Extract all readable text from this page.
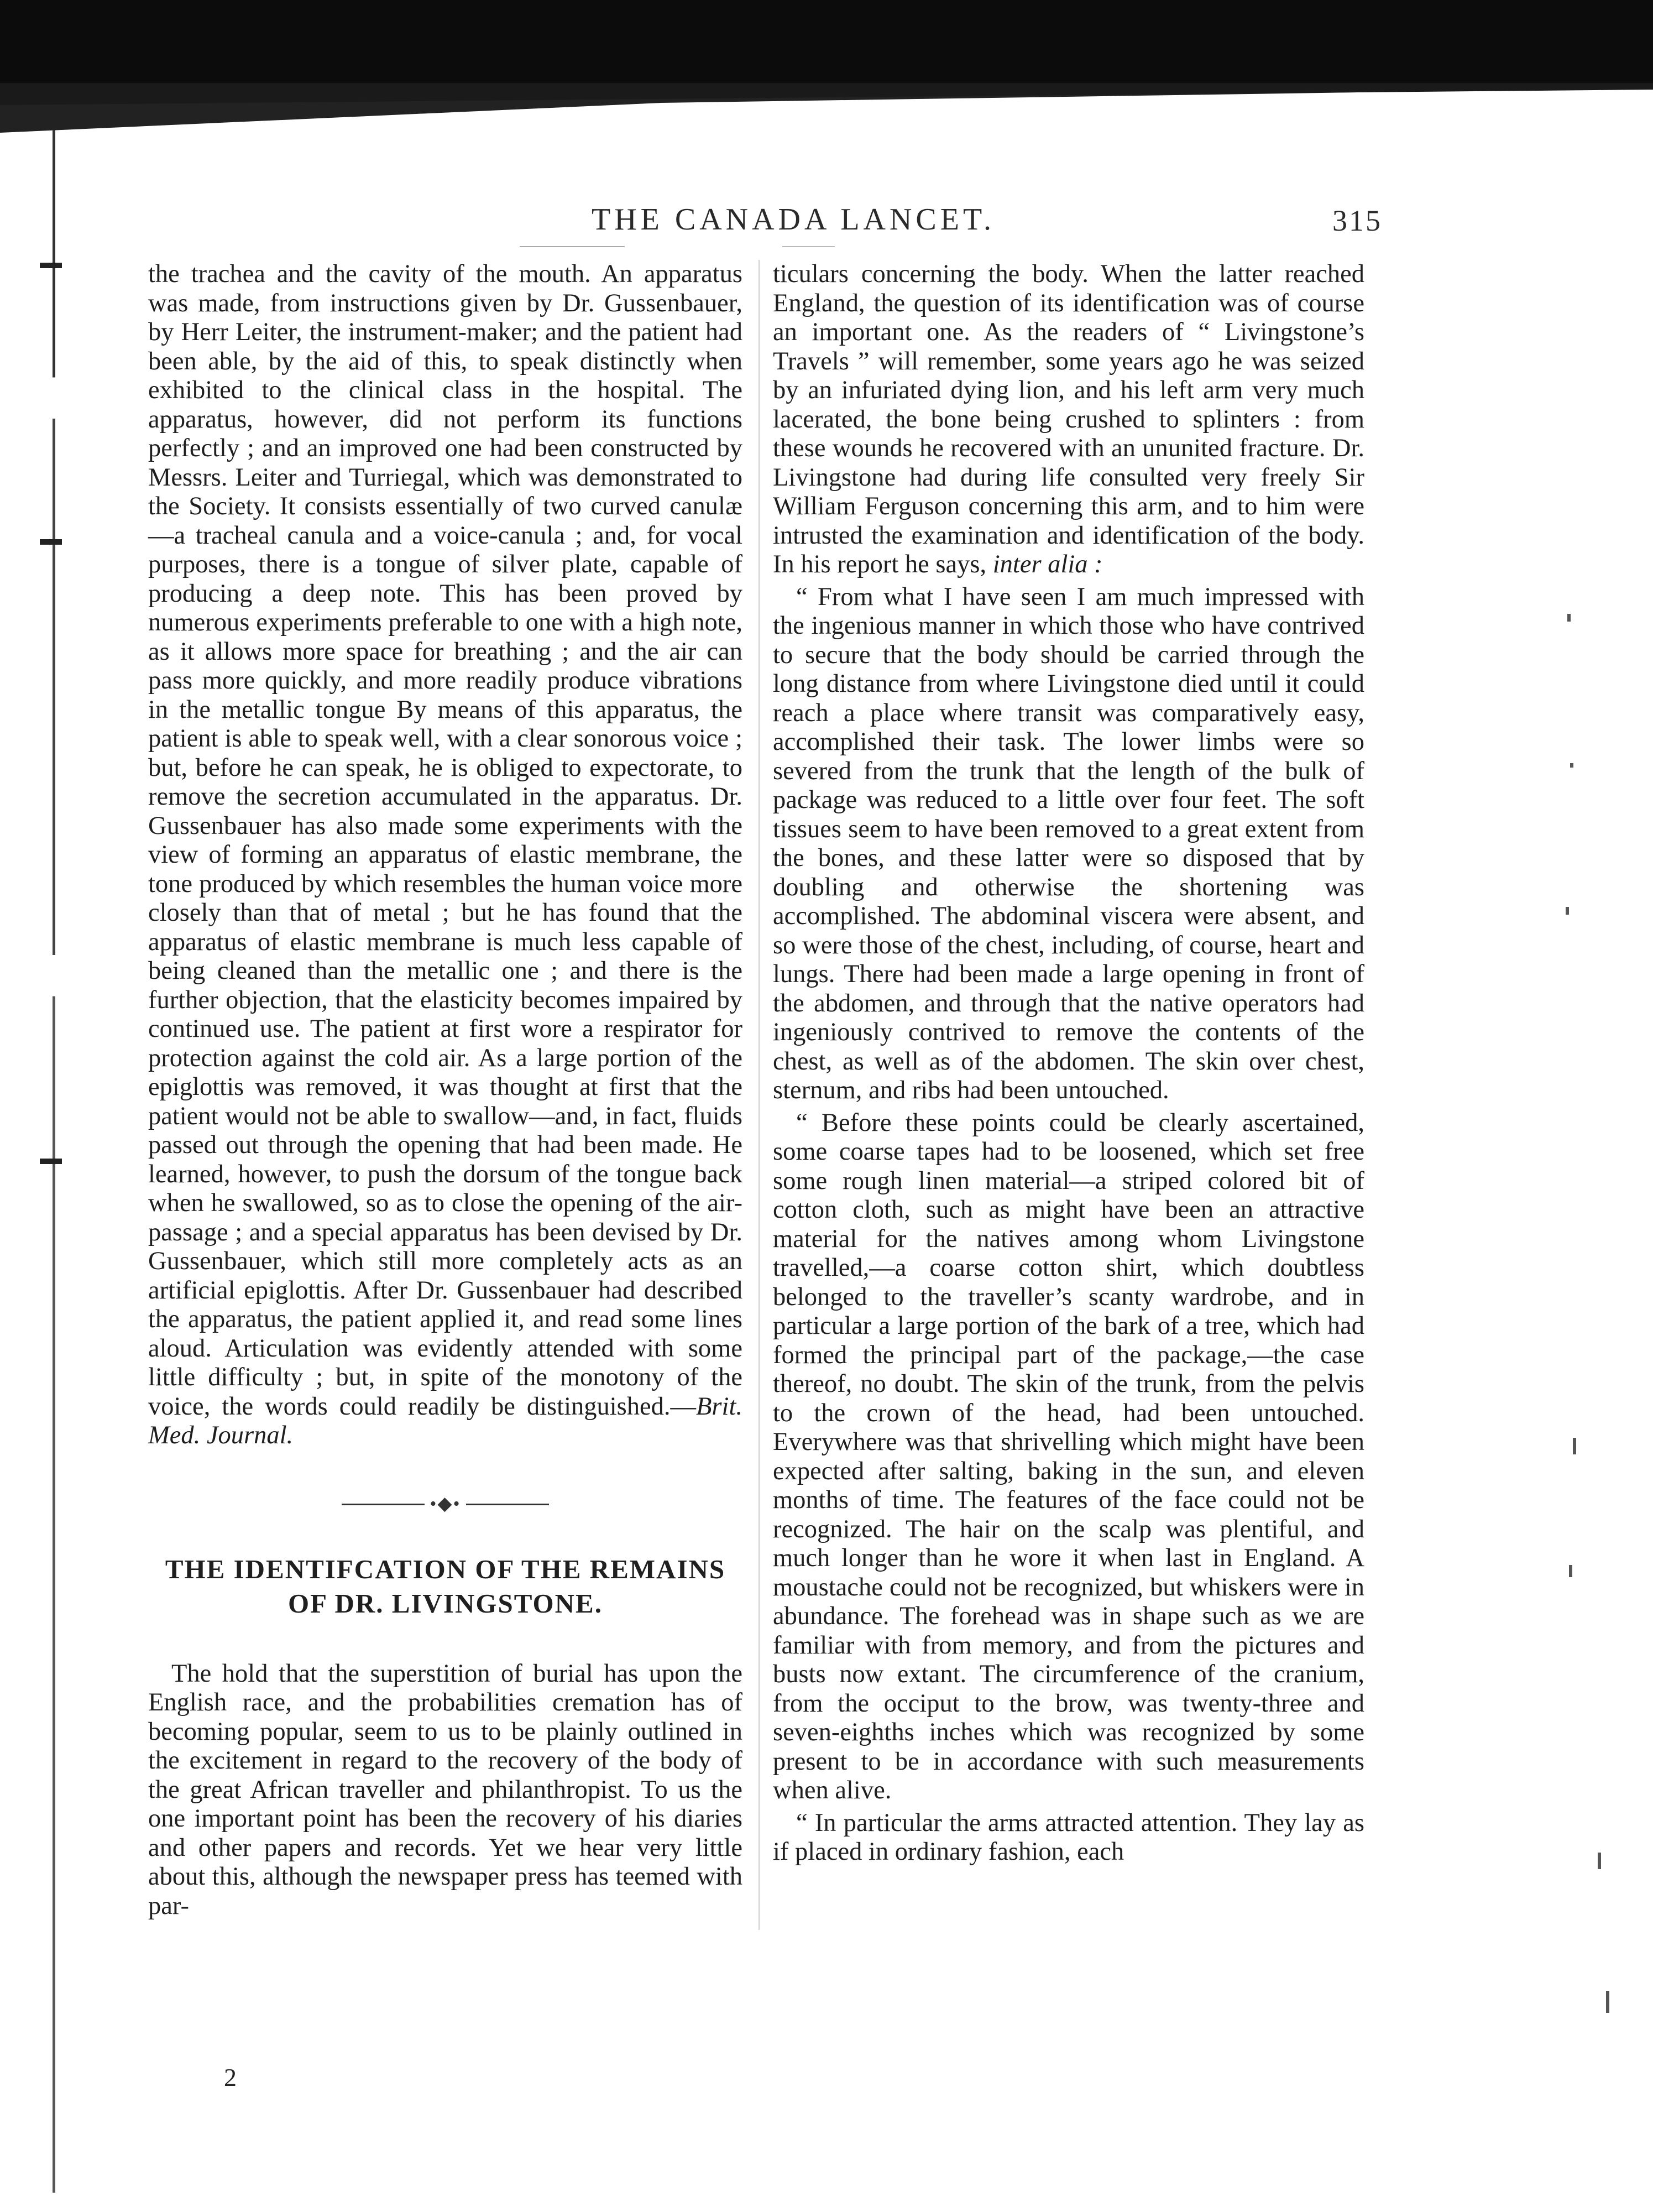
THE CANADA LANCET.	315

the trachea and the cavity of the mouth. An apparatus was made, from instructions given by Dr. Gussenbauer, by Herr Leiter, the instrument-maker; and the patient had been able, by the aid of this, to speak distinctly when exhibited to the clinical class in the hospital. The apparatus, however, did not perform its functions perfectly ; and an improved one had been constructed by Messrs. Leiter and Turriegal, which was demonstrated to the Society. It consists essentially of two curved canulæ—a tracheal canula and a voice-canula ; and, for vocal purposes, there is a tongue of silver plate, capable of producing a deep note. This has been proved by numerous experiments preferable to one with a high note, as it allows more space for breathing ; and the air can pass more quickly, and more readily produce vibrations in the metallic tongue By means of this apparatus, the patient is able to speak well, with a clear sonorous voice ; but, before he can speak, he is obliged to expectorate, to remove the secretion accumulated in the apparatus. Dr. Gussenbauer has also made some experiments with the view of forming an apparatus of elastic membrane, the tone produced by which resembles the human voice more closely than that of metal ; but he has found that the apparatus of elastic membrane is much less capable of being cleaned than the metallic one ; and there is the further objection, that the elasticity becomes impaired by continued use. The patient at first wore a respirator for protection against the cold air. As a large portion of the epiglottis was removed, it was thought at first that the patient would not be able to swallow—and, in fact, fluids passed out through the opening that had been made. He learned, however, to push the dorsum of the tongue back when he swallowed, so as to close the opening of the air-passage ; and a special apparatus has been devised by Dr. Gussenbauer, which still more completely acts as an artificial epiglottis. After Dr. Gussenbauer had described the apparatus, the patient applied it, and read some lines aloud. Articulation was evidently attended with some little difficulty ; but, in spite of the monotony of the voice, the words could readily be distinguished.—Brit. Med. Journal.

•◆•
THE IDENTIFCATION OF THE REMAINS
OF DR. LIVINGSTONE.

The hold that the superstition of burial has upon the English race, and the probabilities cremation has of becoming popular, seem to us to be plainly outlined in the excitement in regard to the recovery of the body of the great African traveller and philanthropist. To us the one important point has been the recovery of his diaries and other papers and records. Yet we hear very little about this, although the newspaper press has teemed with par-

2

ticulars concerning the body. When the latter reached England, the question of its identification was of course an important one. As the readers of “ Livingstone’s Travels ” will remember, some years ago he was seized by an infuriated dying lion, and his left arm very much lacerated, the bone being crushed to splinters : from these wounds he recovered with an ununited fracture. Dr. Livingstone had during life consulted very freely Sir William Ferguson concerning this arm, and to him were intrusted the examination and identification of the body. In his report he says, inter alia :

“ From what I have seen I am much impressed with the ingenious manner in which those who have contrived to secure that the body should be carried through the long distance from where Livingstone died until it could reach a place where transit was comparatively easy, accomplished their task. The lower limbs were so severed from the trunk that the length of the bulk of package was reduced to a little over four feet. The soft tissues seem to have been removed to a great extent from the bones, and these latter were so disposed that by doubling and otherwise the shortening was accomplished. The abdominal viscera were absent, and so were those of the chest, including, of course, heart and lungs. There had been made a large opening in front of the abdomen, and through that the native operators had ingeniously contrived to remove the contents of the chest, as well as of the abdomen. The skin over chest, sternum, and ribs had been untouched.

“ Before these points could be clearly ascertained, some coarse tapes had to be loosened, which set free some rough linen material—a striped colored bit of cotton cloth, such as might have been an attractive material for the natives among whom Livingstone travelled,—a coarse cotton shirt, which doubtless belonged to the traveller’s scanty wardrobe, and in particular a large portion of the bark of a tree, which had formed the principal part of the package,—the case thereof, no doubt. The skin of the trunk, from the pelvis to the crown of the head, had been untouched. Everywhere was that shrivelling which might have been expected after salting, baking in the sun, and eleven months of time. The features of the face could not be recognized. The hair on the scalp was plentiful, and much longer than he wore it when last in England. A moustache could not be recognized, but whiskers were in abundance. The forehead was in shape such as we are familiar with from memory, and from the pictures and busts now extant. The circumference of the cranium, from the occiput to the brow, was twenty-three and seven-eighths inches which was recognized by some present to be in accordance with such measurements when alive.

“ In particular the arms attracted attention. They lay as if placed in ordinary fashion, each
